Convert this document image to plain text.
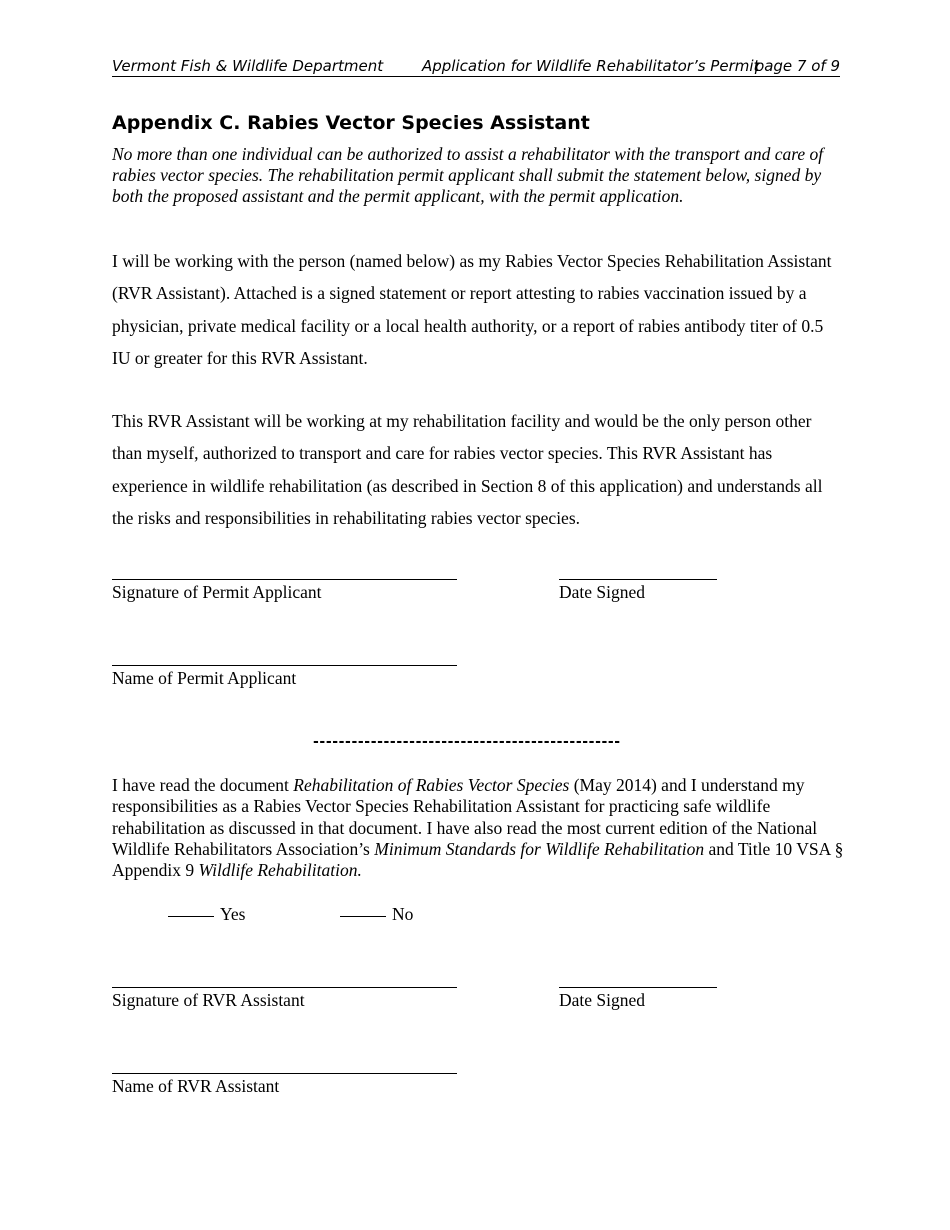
Vermont Fish & Wildlife Department	Application for Wildlife Rehabilitator’s Permit
page 7 of 9
Appendix C. Rabies Vector Species Assistant

No more than one individual can be authorized to assist a rehabilitator with the transport and care of rabies vector species. The rehabilitation permit applicant shall submit the statement below, signed by both the proposed assistant and the permit applicant, with the permit application.

I will be working with the person (named below) as my Rabies Vector Species Rehabilitation Assistant (RVR Assistant). Attached is a signed statement or report attesting to rabies vaccination issued by a physician, private medical facility or a local health authority, or a report of rabies antibody titer of 0.5 IU or greater for this RVR Assistant.

This RVR Assistant will be working at my rehabilitation facility and would be the only person other than myself, authorized to transport and care for rabies vector species. This RVR Assistant has experience in wildlife rehabilitation (as described in Section 8 of this application) and understands all the risks and responsibilities in rehabilitating rabies vector species.

Signature of Permit Applicant	Date Signed
Name of Permit Applicant
------------------------------------------------

I have read the document Rehabilitation of Rabies Vector Species (May 2014) and I understand my responsibilities as a Rabies Vector Species Rehabilitation Assistant for practicing safe wildlife rehabilitation as discussed in that document. I have also read the most current edition of the National Wildlife Rehabilitators Association’s Minimum Standards for Wildlife Rehabilitation and Title 10 VSA § Appendix 9 Wildlife Rehabilitation.

Yes	No
Signature of RVR Assistant	Date Signed
Name of RVR Assistant
